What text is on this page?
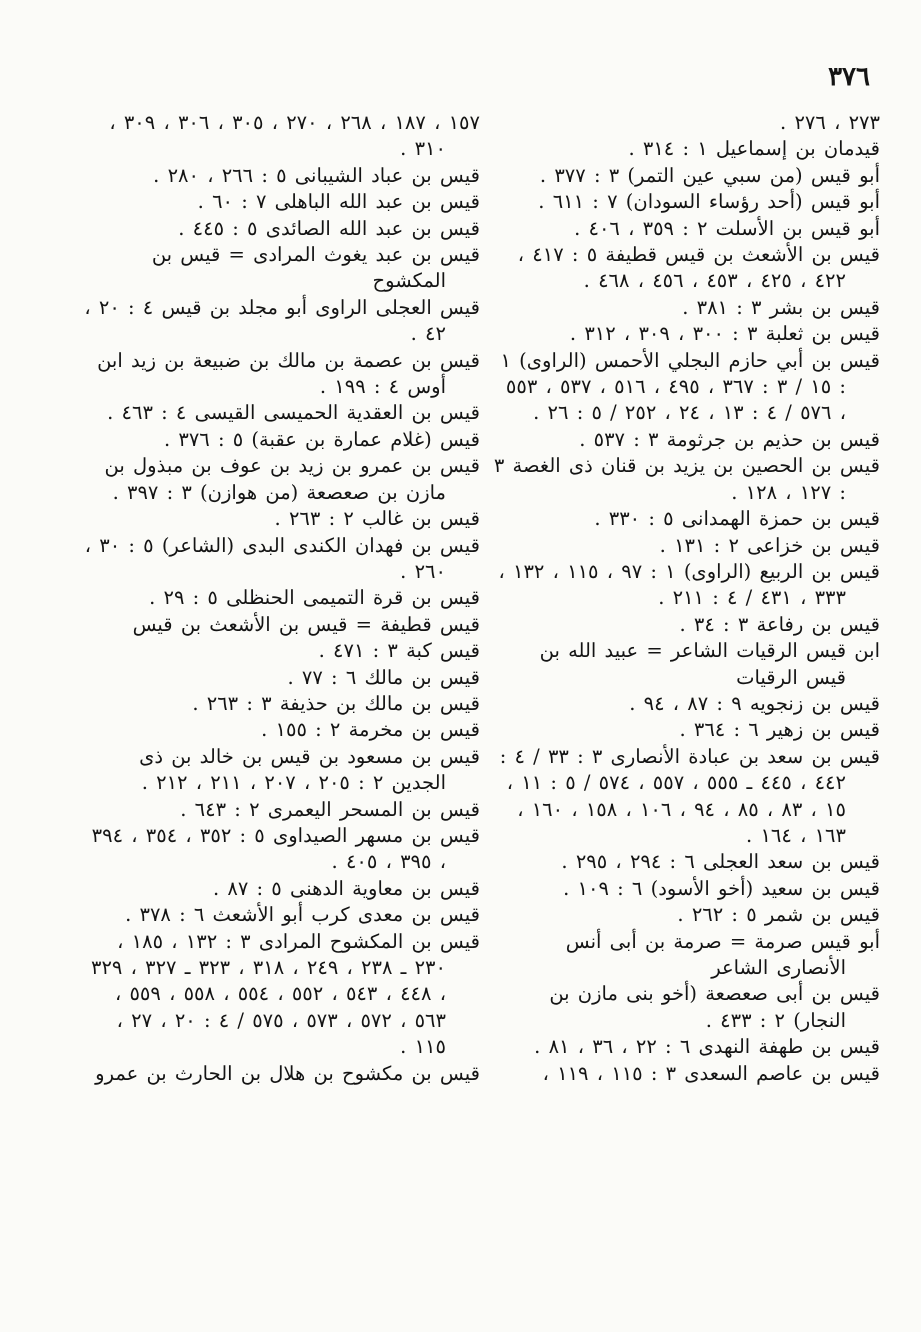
٣٧٦

٢٧٣ ، ٢٧٦ .

قيدمان بن إسماعيل ١ : ٣١٤ .

أبو قيس (من سبي عين التمر) ٣ : ٣٧٧ .

أبو قيس (أحد رؤساء السودان) ٧ : ٦١١ .

أبو قيس بن الأسلت ٢ : ٣٥٩ ، ٤٠٦ .

قيس بن الأشعث بن قيس قطيفة ٥ : ٤١٧ ، ٤٢٢ ، ٤٢٥ ، ٤٥٣ ، ٤٥٦ ، ٤٦٨ .

قيس بن بشر ٣ : ٣٨١ .

قيس بن ثعلبة ٣ : ٣٠٠ ، ٣٠٩ ، ٣١٢ .

قيس بن أبي حازم البجلي الأحمس (الراوى) ١ : ١٥ / ٣ : ٣٦٧ ، ٤٩٥ ، ٥١٦ ، ٥٣٧ ، ٥٥٣ ، ٥٧٦ / ٤ : ١٣ ، ٢٤ ، ٢٥٢ / ٥ : ٢٦ .

قيس بن حذيم بن جرثومة ٣ : ٥٣٧ .

قيس بن الحصين بن يزيد بن قنان ذى الغصة ٣ : ١٢٧ ، ١٢٨ .

قيس بن حمزة الهمدانى ٥ : ٣٣٠ .

قيس بن خزاعى ٢ : ١٣١ .

قيس بن الربيع (الراوى) ١ : ٩٧ ، ١١٥ ، ١٣٢ ، ٣٣٣ ، ٤٣١ / ٤ : ٢١١ .

قيس بن رفاعة ٣ : ٣٤ .

ابن قيس الرقيات الشاعر = عبيد الله بن قيس الرقيات

قيس بن زنجويه ٩ : ٨٧ ، ٩٤ .

قيس بن زهير ٦ : ٣٦٤ .

قيس بن سعد بن عبادة الأنصارى ٣ : ٣٣ / ٤ : ٤٤٢ ، ٤٤٥ ـ ٥٥٥ ، ٥٥٧ ، ٥٧٤ / ٥ : ١١ ، ١٥ ، ٨٣ ، ٨٥ ، ٩٤ ، ١٠٦ ، ١٥٨ ، ١٦٠ ، ١٦٣ ، ١٦٤ .

قيس بن سعد العجلى ٦ : ٢٩٤ ، ٢٩٥ .

قيس بن سعيد (أخو الأسود) ٦ : ١٠٩ .

قيس بن شمر ٥ : ٢٦٢ .

أبو قيس صرمة = صرمة بن أبى أنس الأنصارى الشاعر

قيس بن أبى صعصعة (أخو بنى مازن بن النجار) ٢ : ٤٣٣ .

قيس بن طهفة النهدى ٦ : ٢٢ ، ٣٦ ، ٨١ .

قيس بن عاصم السعدى ٣ : ١١٥ ، ١١٩ ،

١٥٧ ، ١٨٧ ، ٢٦٨ ، ٢٧٠ ، ٣٠٥ ، ٣٠٦ ، ٣٠٩ ، ٣١٠ .

قيس بن عباد الشيبانى ٥ : ٢٦٦ ، ٢٨٠ .

قيس بن عبد الله الباهلى ٧ : ٦٠ .

قيس بن عبد الله الصائدى ٥ : ٤٤٥ .

قيس بن عبد يغوث المرادى = قيس بن المكشوح

قيس العجلى الراوى أبو مجلد بن قيس ٤ : ٢٠ ، ٤٢ .

قيس بن عصمة بن مالك بن ضبيعة بن زيد ابن أوس ٤ : ١٩٩ .

قيس بن العقدية الحميسى القيسى ٤ : ٤٦٣ .

قيس (غلام عمارة بن عقبة) ٥ : ٣٧٦ .

قيس بن عمرو بن زيد بن عوف بن مبذول بن مازن بن صعصعة (من هوازن) ٣ : ٣٩٧ .

قيس بن غالب ٢ : ٢٦٣ .

قيس بن فهدان الكندى البدى (الشاعر) ٥ : ٣٠ ، ٢٦٠ .

قيس بن قرة التميمى الحنظلى ٥ : ٢٩ .

قيس قطيفة = قيس بن الأشعث بن قيس

قيس كبة ٣ : ٤٧١ .

قيس بن مالك ٦ : ٧٧ .

قيس بن مالك بن حذيفة ٣ : ٢٦٣ .

قيس بن مخرمة ٢ : ١٥٥ .

قيس بن مسعود بن قيس بن خالد بن ذى الجدين ٢ : ٢٠٥ ، ٢٠٧ ، ٢١١ ، ٢١٢ .

قيس بن المسحر اليعمرى ٢ : ٦٤٣ .

قيس بن مسهر الصيداوى ٥ : ٣٥٢ ، ٣٥٤ ، ٣٩٤ ، ٣٩٥ ، ٤٠٥ .

قيس بن معاوية الدهنى ٥ : ٨٧ .

قيس بن معدى كرب أبو الأشعث ٦ : ٣٧٨ .

قيس بن المكشوح المرادى ٣ : ١٣٢ ، ١٨٥ ، ٢٣٠ ـ ٢٣٨ ، ٢٤٩ ، ٣١٨ ، ٣٢٣ ـ ٣٢٧ ، ٣٢٩ ، ٤٤٨ ، ٥٤٣ ، ٥٥٢ ، ٥٥٤ ، ٥٥٨ ، ٥٥٩ ، ٥٦٣ ، ٥٧٢ ، ٥٧٣ ، ٥٧٥ / ٤ : ٢٠ ، ٢٧ ، ١١٥ .

قيس بن مكشوح بن هلال بن الحارث بن عمرو
